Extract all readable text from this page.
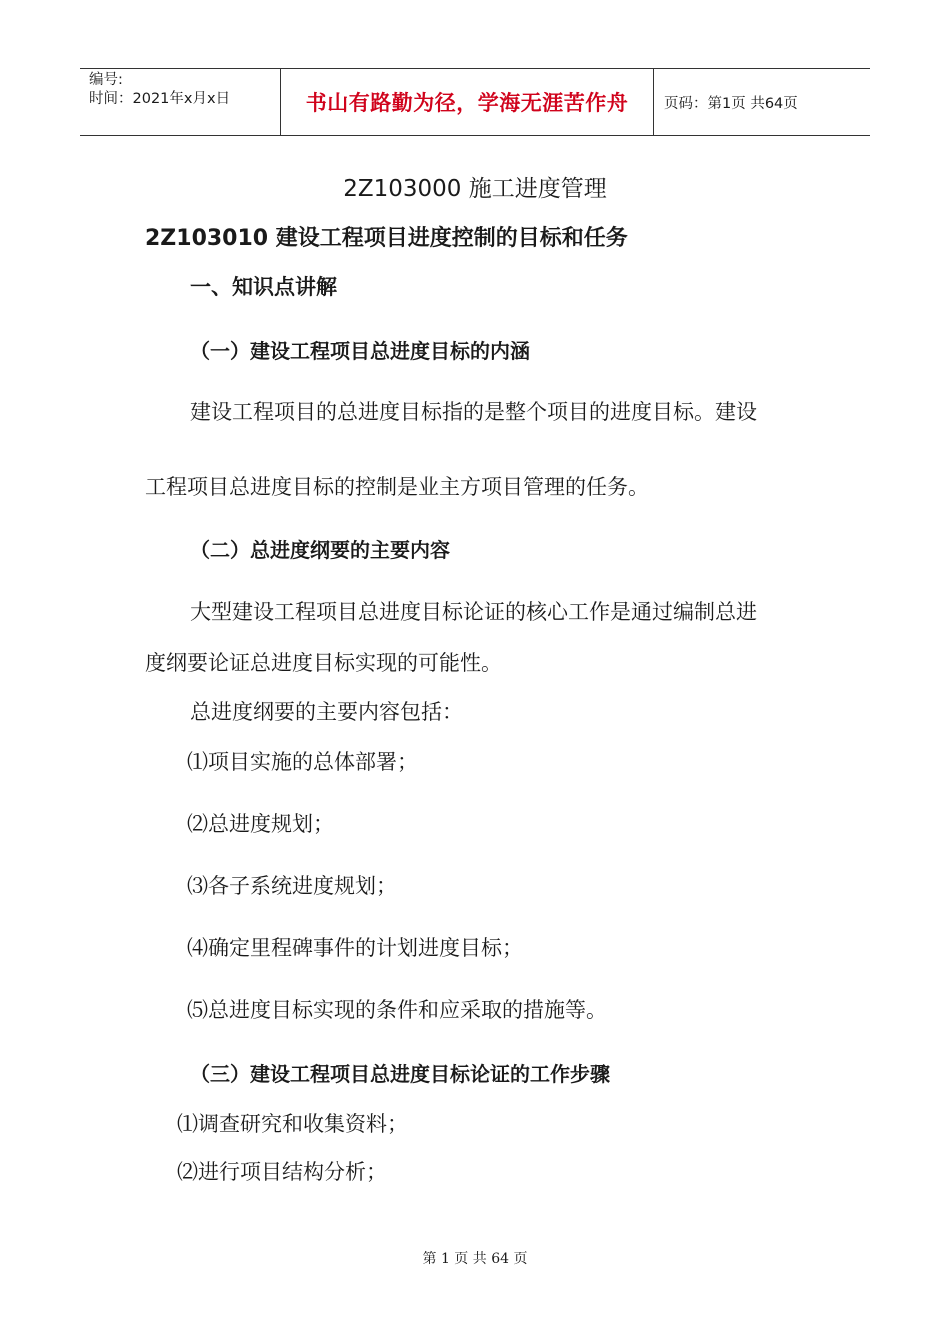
编号:
时间：2021年x月x日	书山有路勤为径，学海无涯苦作舟 页码：第1页 共64页
2Z103000 施工进度管理
2Z103010 建设工程项目进度控制的目标和任务
一、知识点讲解
（一）建设工程项目总进度目标的内涵
建设工程项目的总进度目标指的是整个项目的进度目标。建设
工程项目总进度目标的控制是业主方项目管理的任务。
（二）总进度纲要的主要内容
大型建设工程项目总进度目标论证的核心工作是通过编制总进
度纲要论证总进度目标实现的可能性。
总进度纲要的主要内容包括：
⑴项目实施的总体部署；
⑵总进度规划；
⑶各子系统进度规划；
⑷确定里程碑事件的计划进度目标；
⑸总进度目标实现的条件和应采取的措施等。
（三）建设工程项目总进度目标论证的工作步骤
⑴调查研究和收集资料；
⑵进行项目结构分析；
第 1 页 共 64 页
